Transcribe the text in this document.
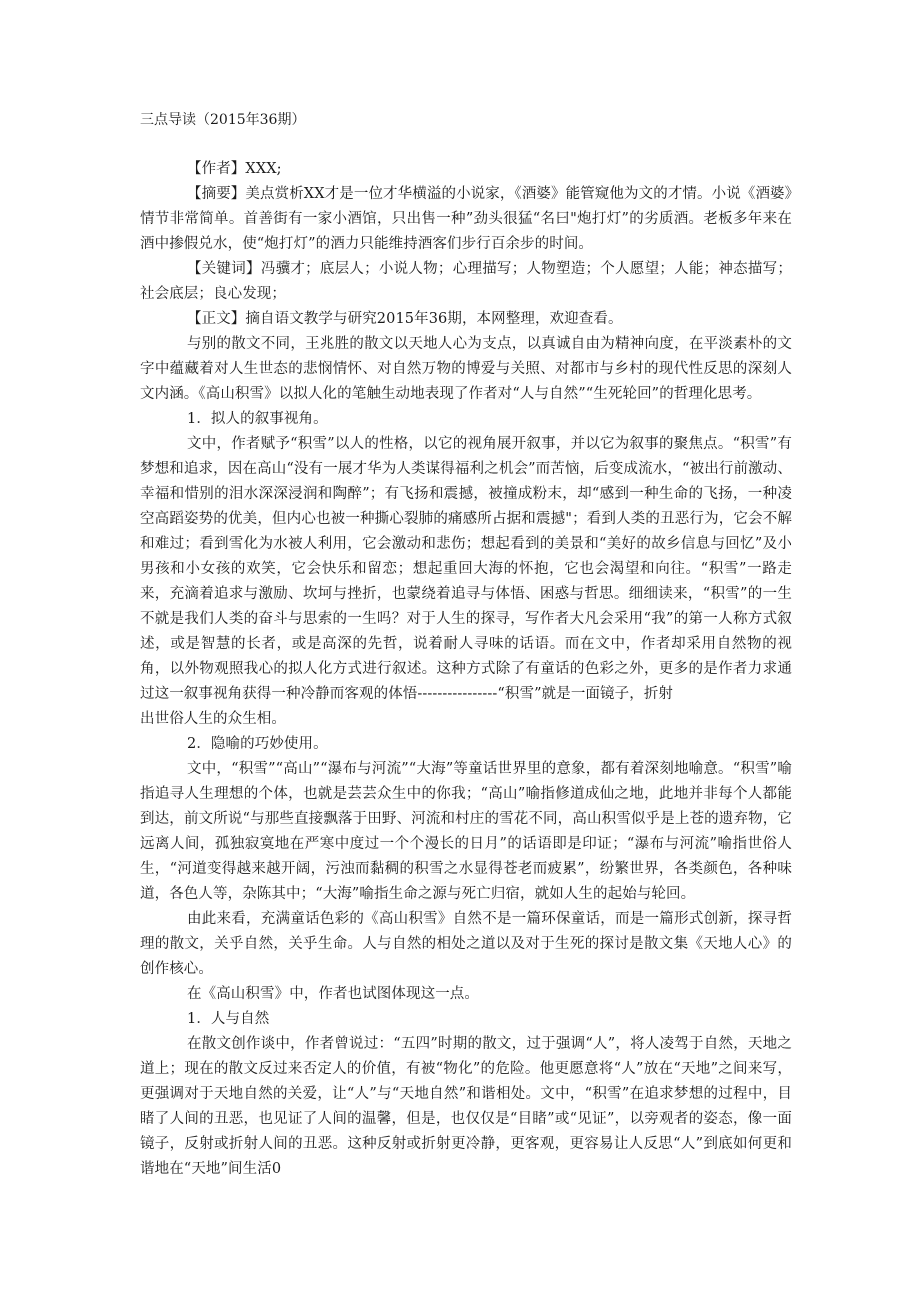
三点导读（2015年36期）

【作者】XXX;

【摘要】美点赏析XX才是一位才华横溢的小说家，《酒婆》能管窥他为文的才情。小说《酒婆》情节非常简单。首善街有一家小酒馆，只出售一种”劲头很猛“名曰"炮打灯”的劣质酒。老板多年来在酒中掺假兑水，使“炮打灯”的酒力只能维持酒客们步行百余步的时间。

【关键词】冯骥才；底层人；小说人物；心理描写；人物塑造；个人愿望；人能；神态描写；社会底层；良心发现；

【正文】摘自语文教学与研究2015年36期，本网整理，欢迎查看。

与别的散文不同，王兆胜的散文以天地人心为支点，以真诚自由为精神向度，在平淡素朴的文字中蕴藏着对人生世态的悲悯情怀、对自然万物的博爱与关照、对都市与乡村的现代性反思的深刻人文内涵。《高山积雪》以拟人化的笔触生动地表现了作者对“人与自然”“生死轮回”的哲理化思考。

1．拟人的叙事视角。

文中，作者赋予“积雪”以人的性格，以它的视角展开叙事，并以它为叙事的聚焦点。“积雪”有梦想和追求，因在高山“没有一展才华为人类谋得福利之机会”而苦恼，后变成流水，“被出行前激动、幸福和惜别的泪水深深浸润和陶醉”；有飞扬和震撼，被撞成粉末，却“感到一种生命的飞扬，一种凌空高蹈姿势的优美，但内心也被一种撕心裂肺的痛感所占据和震撼"；看到人类的丑恶行为，它会不解和难过；看到雪化为水被人利用，它会激动和悲伤；想起看到的美景和“美好的故乡信息与回忆”及小男孩和小女孩的欢笑，它会快乐和留恋；想起重回大海的怀抱，它也会渴望和向往。“积雪”一路走来，充滴着追求与激励、坎坷与挫折，也蒙绕着追寻与体悟、困惑与哲思。细细读来，“积雪”的一生不就是我们人类的奋斗与思索的一生吗？对于人生的探寻，写作者大凡会采用“我”的第一人称方式叙述，或是智慧的长者，或是高深的先哲，说着耐人寻味的话语。而在文中，作者却采用自然物的视角，以外物观照我心的拟人化方式进行叙述。这种方式除了有童话的色彩之外，更多的是作者力求通过这一叙事视角获得一种冷静而客观的体悟----------------“积雪”就是一面镜子，折射

出世俗人生的众生相。

2．隐喻的巧妙使用。

文中，“积雪”“高山”“瀑布与河流”“大海”等童话世界里的意象，都有着深刻地喻意。“积雪”喻指追寻人生理想的个体，也就是芸芸众生中的你我；“高山”喻指修道成仙之地，此地并非每个人都能到达，前文所说“与那些直接飘落于田野、河流和村庄的雪花不同，高山积雪似乎是上苍的遗弃物，它远离人间，孤独寂寞地在严寒中度过一个个漫长的日月”的话语即是印证；“瀑布与河流”喻指世俗人生，“河道变得越来越开阔，污浊而黏稠的积雪之水显得苍老而疲累”，纷繁世界，各类颜色，各种味道，各色人等，杂陈其中；“大海”喻指生命之源与死亡归宿，就如人生的起始与轮回。

由此来看，充满童话色彩的《高山积雪》自然不是一篇环保童话，而是一篇形式创新，探寻哲理的散文，关乎自然，关乎生命。人与自然的相处之道以及对于生死的探讨是散文集《天地人心》的创作核心。

在《高山积雪》中，作者也试图体现这一点。

1．人与自然

在散文创作谈中，作者曾说过：“五四”时期的散文，过于强调“人”，将人凌驾于自然，天地之道上；现在的散文反过来否定人的价值，有被“物化”的危险。他更愿意将“人”放在“天地”之间来写，更强调对于天地自然的关爱，让“人”与“天地自然”和谐相处。文中，“积雪”在追求梦想的过程中，目睹了人间的丑恶，也见证了人间的温馨，但是，也仅仅是“目睹”或“见证”，以旁观者的姿态，像一面镜子，反射或折射人间的丑恶。这种反射或折射更冷静，更客观，更容易让人反思“人”到底如何更和谐地在“天地”间生活0
